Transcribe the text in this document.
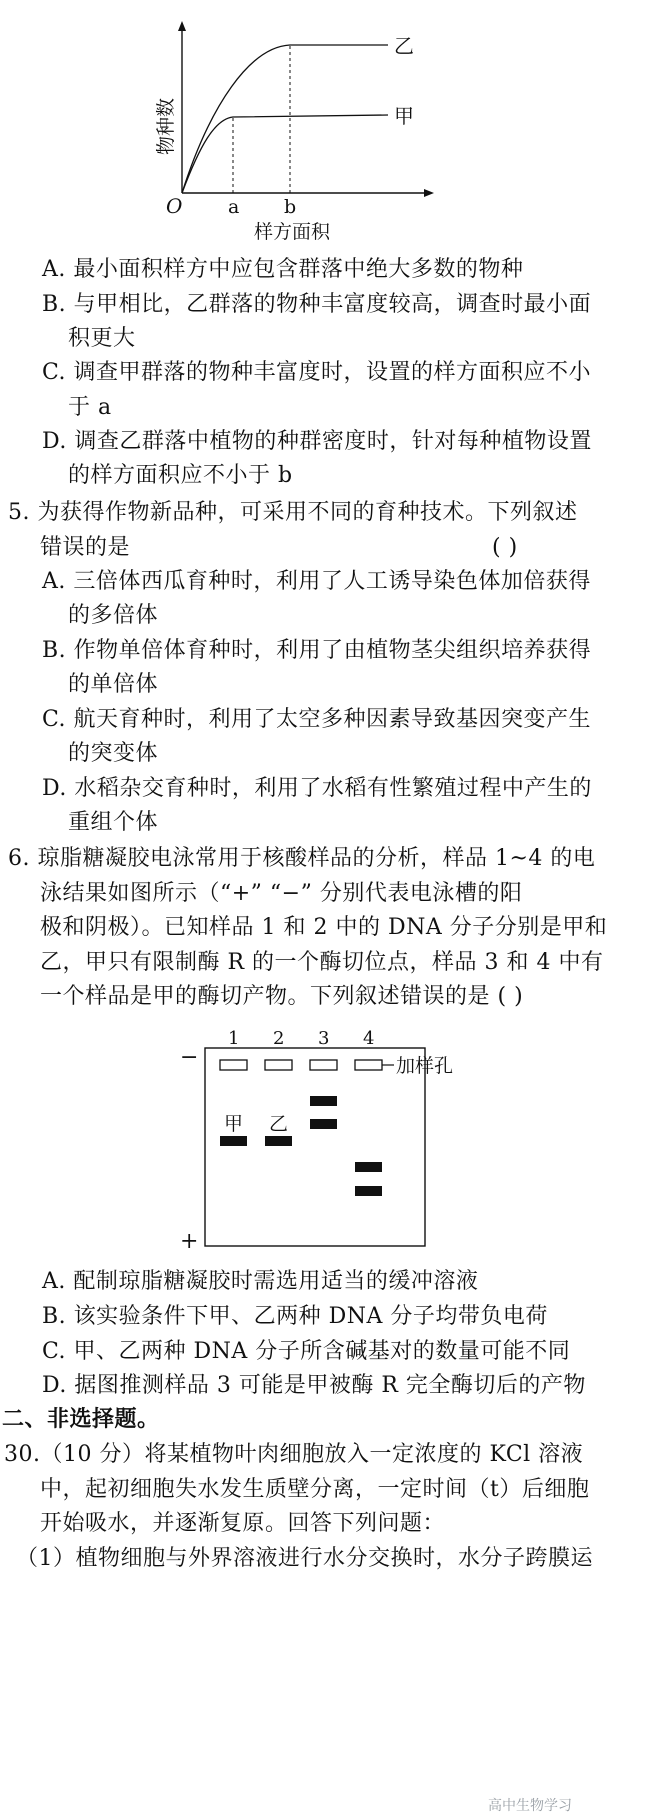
乙
甲
O a b
样方面积
物种数
A. 最小面积样方中应包含群落中绝大多数的物种
B. 与甲相比，乙群落的物种丰富度较高，调查时最小面
积更大
C. 调查甲群落的物种丰富度时，设置的样方面积应不小
于 a
D. 调查乙群落中植物的种群密度时，针对每种植物设置
的样方面积应不小于 b
5. 为获得作物新品种，可采用不同的育种技术。下列叙述
错误的是	( )
A. 三倍体西瓜育种时，利用了人工诱导染色体加倍获得
的多倍体
B. 作物单倍体育种时，利用了由植物茎尖组织培养获得
的单倍体
C. 航天育种时，利用了太空多种因素导致基因突变产生
的突变体
D. 水稻杂交育种时，利用了水稻有性繁殖过程中产生的
重组个体
6. 琼脂糖凝胶电泳常用于核酸样品的分析，样品 1~4 的电
泳结果如图所示（“+” “−” 分别代表电泳槽的阳
极和阴极）。已知样品 1 和 2 中的 DNA 分子分别是甲和
乙，甲只有限制酶 R 的一个酶切位点，样品 3 和 4 中有
一个样品是甲的酶切产物。下列叙述错误的是 ( )
−
+
1 2 3 4
加样孔
甲 乙
A. 配制琼脂糖凝胶时需选用适当的缓冲溶液
B. 该实验条件下甲、乙两种 DNA 分子均带负电荷
C. 甲、乙两种 DNA 分子所含碱基对的数量可能不同
D. 据图推测样品 3 可能是甲被酶 R 完全酶切后的产物
二、非选择题。
30.（10 分）将某植物叶肉细胞放入一定浓度的 KCl 溶液
中，起初细胞失水发生质壁分离，一定时间（t）后细胞
开始吸水，并逐渐复原。回答下列问题：
（1）植物细胞与外界溶液进行水分交换时，水分子跨膜运
高中生物学习
